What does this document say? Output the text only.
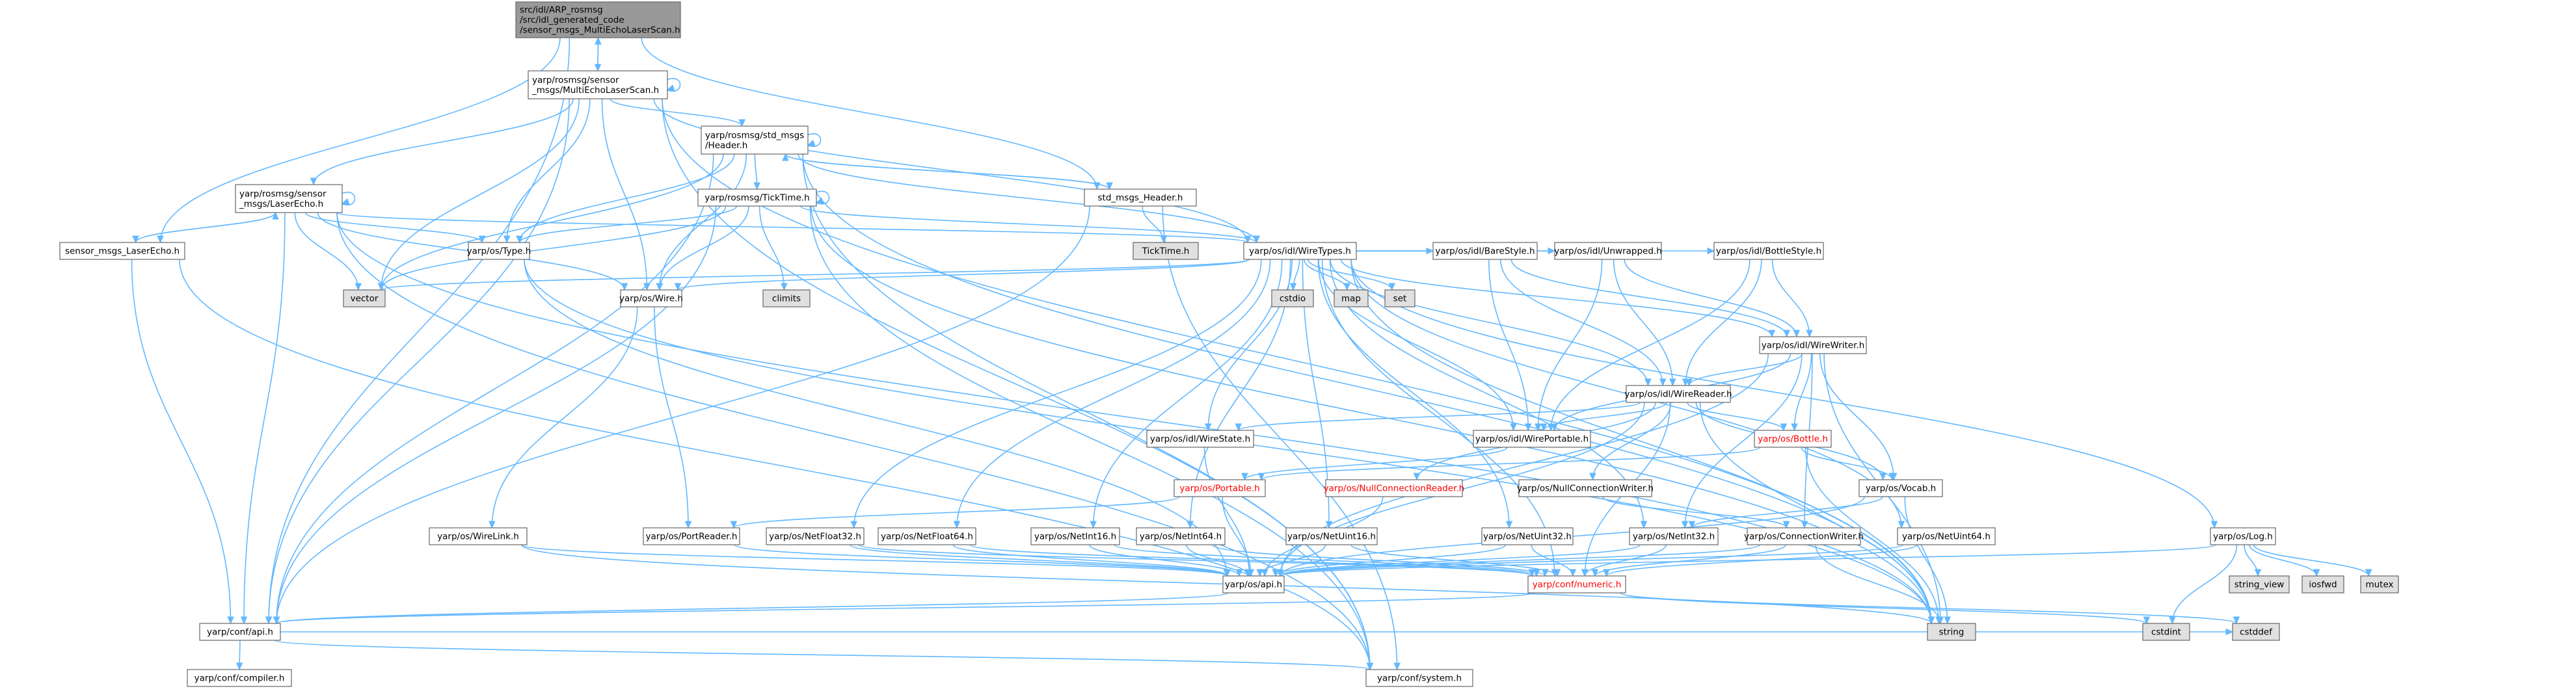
src/idl/ARP_rosmsg
/src/idl_generated_code
/sensor_msgs_MultiEchoLaserScan.h
yarp/rosmsg/sensor
_msgs/MultiEchoLaserScan.h
yarp/rosmsg/std_msgs
/Header.h
yarp/rosmsg/sensor
_msgs/LaserEcho.h
yarp/rosmsg/TickTime.h
sensor_msgs_LaserEcho.h
std_msgs_Header.h
TickTime.h	yarp/os/idl/WireTypes.h
yarp/os/Type.h
vector	climits
yarp/os/Wire.h	cstdio	map	set
yarp/os/idl/BareStyle.h yarp/os/idl/Unwrapped.h	yarp/os/idl/BottleStyle.h
yarp/os/idl/WireWriter.h
yarp/os/idl/WireReader.h
yarp/os/idl/WireState.h	yarp/os/idl/WirePortable.h	yarp/os/Bottle.h
yarp/os/Portable.h	yarp/os/NullConnectionReader.h	yarp/os/Vocab.h
yarp/os/NullConnectionWriter.h
yarp/os/WireLink.h	yarp/os/PortReader.h	yarp/os/NetFloat32.h yarp/os/NetFloat64.h	yarp/os/NetInt16.h	yarp/os/NetInt64.h	yarp/os/NetUint16.h	yarp/os/NetUint32.h	yarp/os/NetInt32.h	yarp/os/ConnectionWriter.h	yarp/os/NetUint64.h	yarp/os/Log.h
string_view	iosfwd	mutex
yarp/os/api.h	yarp/conf/numeric.h
yarp/conf/api.h	string	cstdint
yarp/conf/compiler.h	yarp/conf/system.h
cstddef
